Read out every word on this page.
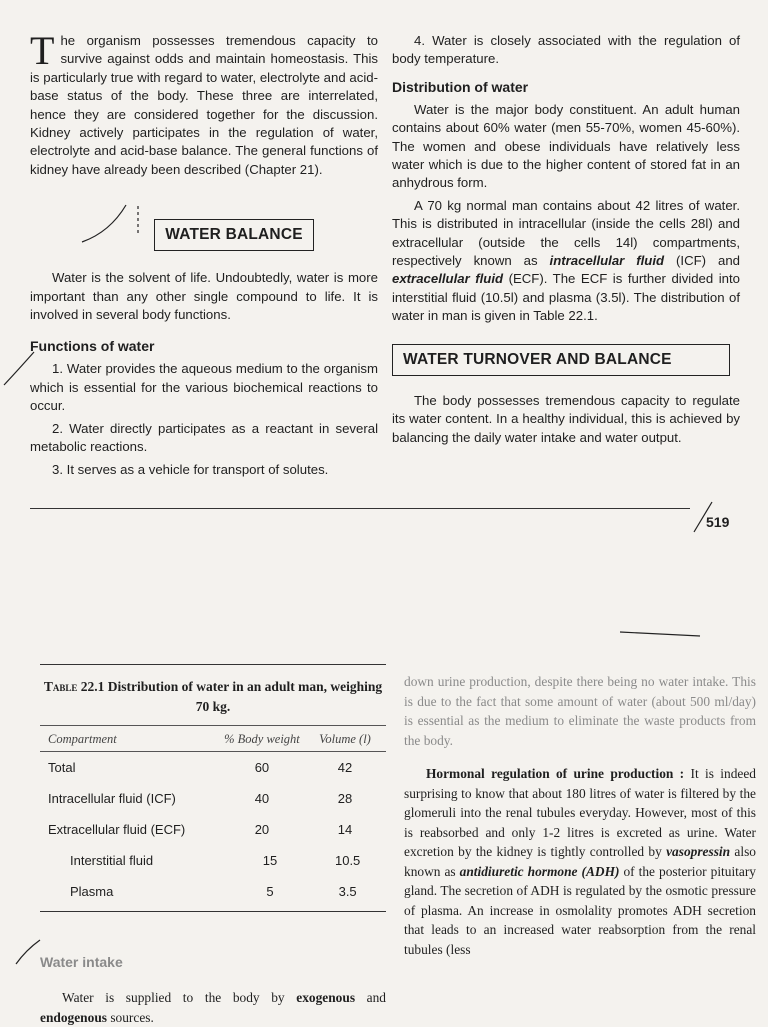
The organism possesses tremendous capacity to survive against odds and maintain homeostasis. This is particularly true with regard to water, electrolyte and acid-base status of the body. These three are interrelated, hence they are considered together for the discussion. Kidney actively participates in the regulation of water, electrolyte and acid-base balance. The general functions of kidney have already been described (Chapter 21).

WATER BALANCE

Water is the solvent of life. Undoubtedly, water is more important than any other single compound to life. It is involved in several body functions.

Functions of water

1. Water provides the aqueous medium to the organism which is essential for the various biochemical reactions to occur.

2. Water directly participates as a reactant in several metabolic reactions.

3. It serves as a vehicle for transport of solutes.

4. Water is closely associated with the regulation of body temperature.

Distribution of water

Water is the major body constituent. An adult human contains about 60% water (men 55-70%, women 45-60%). The women and obese individuals have relatively less water which is due to the higher content of stored fat in an anhydrous form.

A 70 kg normal man contains about 42 litres of water. This is distributed in intracellular (inside the cells 28l) and extracellular (outside the cells 14l) compartments, respectively known as intracellular fluid (ICF) and extracellular fluid (ECF). The ECF is further divided into interstitial fluid (10.5l) and plasma (3.5l). The distribution of water in man is given in Table 22.1.

WATER TURNOVER AND BALANCE

The body possesses tremendous capacity to regulate its water content. In a healthy individual, this is achieved by balancing the daily water intake and water output.

519
Table 22.1 Distribution of water in an adult man, weighing 70 kg.
Compartment	% Body weight	Volume (l)
Total	60	42
Intracellular fluid (ICF)	40	28
Extracellular fluid (ECF)	20	14
Interstitial fluid	15	10.5
Plasma	5	3.5
Water intake

Water is supplied to the body by exogenous and endogenous sources.

down urine production, despite there being no water intake. This is due to the fact that some amount of water (about 500 ml/day) is essential as the medium to eliminate the waste products from the body.

Hormonal regulation of urine production : It is indeed surprising to know that about 180 litres of water is filtered by the glomeruli into the renal tubules everyday. However, most of this is reabsorbed and only 1-2 litres is excreted as urine. Water excretion by the kidney is tightly controlled by vasopressin also known as antidiuretic hormone (ADH) of the posterior pituitary gland. The secretion of ADH is regulated by the osmotic pressure of plasma. An increase in osmolality promotes ADH secretion that leads to an increased water reabsorption from the renal tubules (less
